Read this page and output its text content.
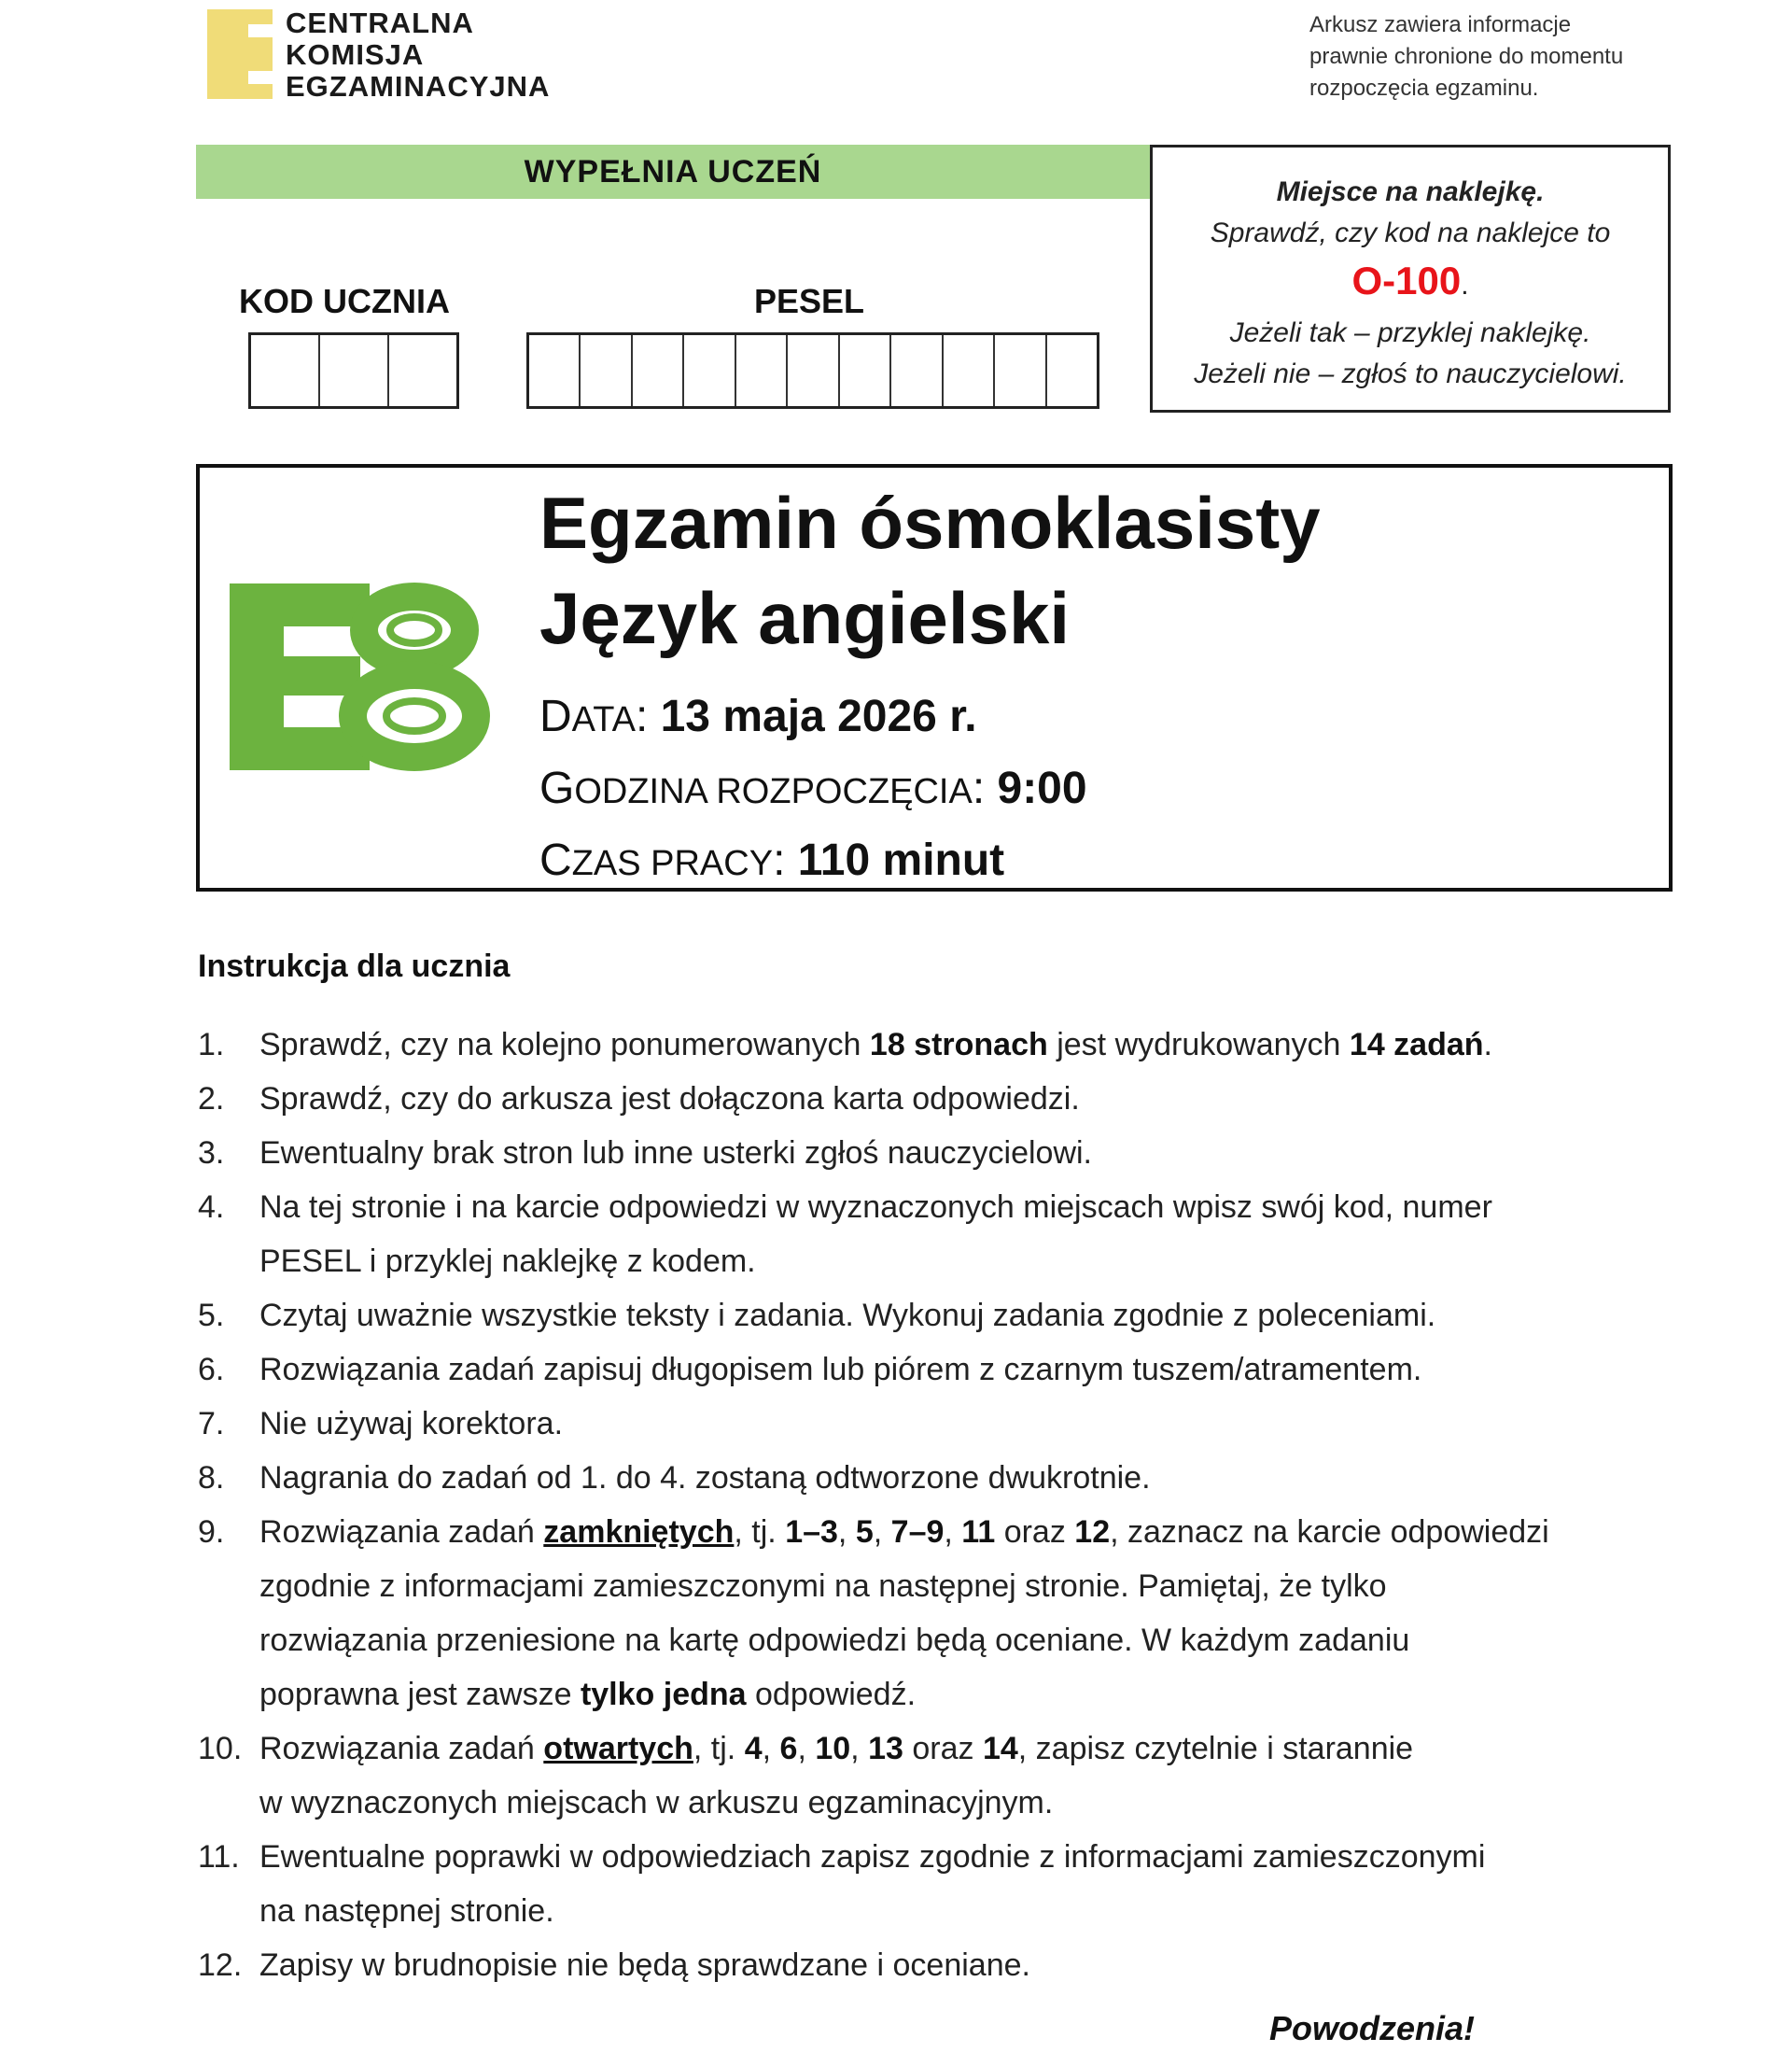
CENTRALNA
KOMISJA
EGZAMINACYJNA
Arkusz zawiera informacje
prawnie chronione do momentu
rozpoczęcia egzaminu.
WYPEŁNIA UCZEŃ
KOD UCZNIA	PESEL
Miejsce na naklejkę.
Sprawdź, czy kod na naklejce to
O-100.
Jeżeli tak – przyklej naklejkę.
Jeżeli nie – zgłoś to nauczycielowi.
Egzamin ósmoklasisty
Język angielski
DATA: 13 maja 2026 r.
GODZINA ROZPOCZĘCIA: 9:00
CZAS PRACY: 110 minut
Instrukcja dla ucznia
1.	Sprawdź, czy na kolejno ponumerowanych 18 stronach jest wydrukowanych 14 zadań.
2.	Sprawdź, czy do arkusza jest dołączona karta odpowiedzi.
3.	Ewentualny brak stron lub inne usterki zgłoś nauczycielowi.
4.	Na tej stronie i na karcie odpowiedzi w wyznaczonych miejscach wpisz swój kod, numer
PESEL i przyklej naklejkę z kodem.
5.	Czytaj uważnie wszystkie teksty i zadania. Wykonuj zadania zgodnie z poleceniami.
6.	Rozwiązania zadań zapisuj długopisem lub piórem z czarnym tuszem/atramentem.
7.	Nie używaj korektora.
8.	Nagrania do zadań od 1. do 4. zostaną odtworzone dwukrotnie.
9.	Rozwiązania zadań zamkniętych, tj. 1–3, 5, 7–9, 11 oraz 12, zaznacz na karcie odpowiedzi
zgodnie z informacjami zamieszczonymi na następnej stronie. Pamiętaj, że tylko
rozwiązania przeniesione na kartę odpowiedzi będą oceniane. W każdym zadaniu
poprawna jest zawsze tylko jedna odpowiedź.
10. Rozwiązania zadań otwartych, tj. 4, 6, 10, 13 oraz 14, zapisz czytelnie i starannie
w wyznaczonych miejscach w arkuszu egzaminacyjnym.
11. Ewentualne poprawki w odpowiedziach zapisz zgodnie z informacjami zamieszczonymi
na następnej stronie.
12. Zapisy w brudnopisie nie będą sprawdzane i oceniane.
Powodzenia!
